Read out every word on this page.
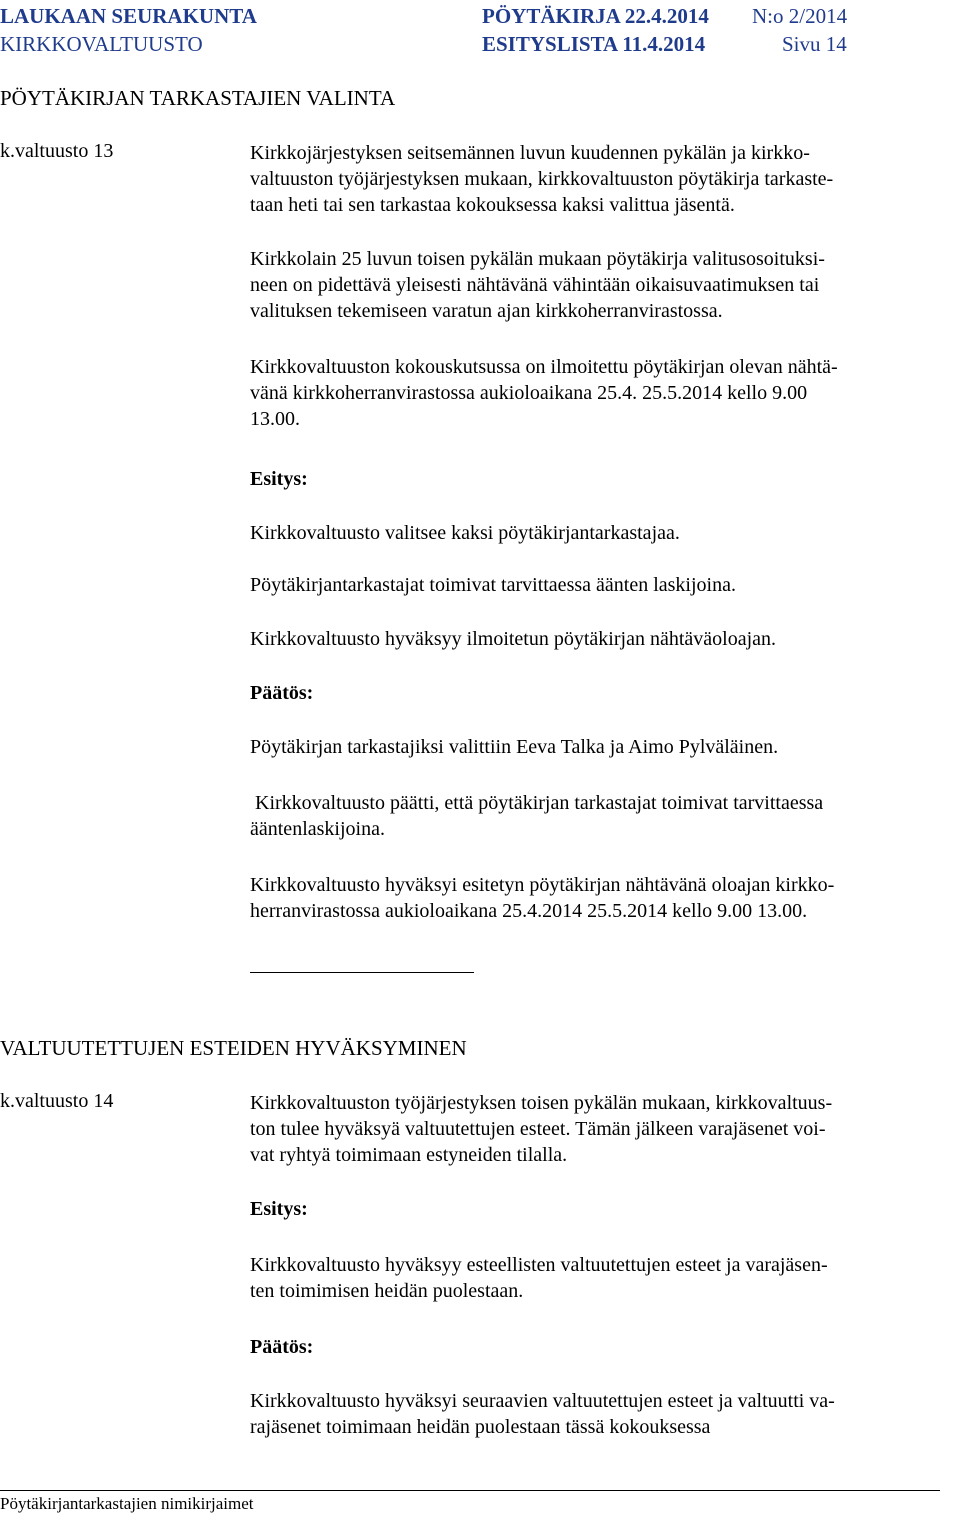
LAUKAAN SEURAKUNTA
KIRKKOVALTUUSTO
PÖYTÄKIRJA 22.4.2014
ESITYSLISTA 11.4.2014
N:o 2/2014
Sivu 14
PÖYTÄKIRJAN TARKASTAJIEN VALINTA
k.valtuusto 13	Kirkkojärjestyksen seitsemännen luvun kuudennen pykälän ja kirkko-
valtuuston työjärjestyksen mukaan, kirkkovaltuuston pöytäkirja tarkaste-
taan heti tai sen tarkastaa kokouksessa kaksi valittua jäsentä.
Kirkkolain 25 luvun toisen pykälän mukaan pöytäkirja valitusosoituksi-
neen on pidettävä yleisesti nähtävänä vähintään oikaisuvaatimuksen tai
valituksen tekemiseen varatun ajan kirkkoherranvirastossa.
Kirkkovaltuuston kokouskutsussa on ilmoitettu pöytäkirjan olevan nähtä-
vänä kirkkoherranvirastossa aukioloaikana 25.4. 25.5.2014 kello 9.00
13.00.
Esitys:
Kirkkovaltuusto valitsee kaksi pöytäkirjantarkastajaa.
Pöytäkirjantarkastajat toimivat tarvittaessa äänten laskijoina.
Kirkkovaltuusto hyväksyy ilmoitetun pöytäkirjan nähtäväoloajan.
Päätös:
Pöytäkirjan tarkastajiksi valittiin Eeva Talka ja Aimo Pylväläinen.
Kirkkovaltuusto päätti, että pöytäkirjan tarkastajat toimivat tarvittaessa
ääntenlaskijoina.
Kirkkovaltuusto hyväksyi esitetyn pöytäkirjan nähtävänä oloajan kirkko-
herranvirastossa aukioloaikana 25.4.2014 25.5.2014 kello 9.00 13.00.
VALTUUTETTUJEN ESTEIDEN HYVÄKSYMINEN
k.valtuusto 14	Kirkkovaltuuston työjärjestyksen toisen pykälän mukaan, kirkkovaltuus-
ton tulee hyväksyä valtuutettujen esteet. Tämän jälkeen varajäsenet voi-
vat ryhtyä toimimaan estyneiden tilalla.
Esitys:
Kirkkovaltuusto hyväksyy esteellisten valtuutettujen esteet ja varajäsen-
ten toimimisen heidän puolestaan.
Päätös:
Kirkkovaltuusto hyväksyi seuraavien valtuutettujen esteet ja valtuutti va-
rajäsenet toimimaan heidän puolestaan tässä kokouksessa
Pöytäkirjantarkastajien nimikirjaimet
